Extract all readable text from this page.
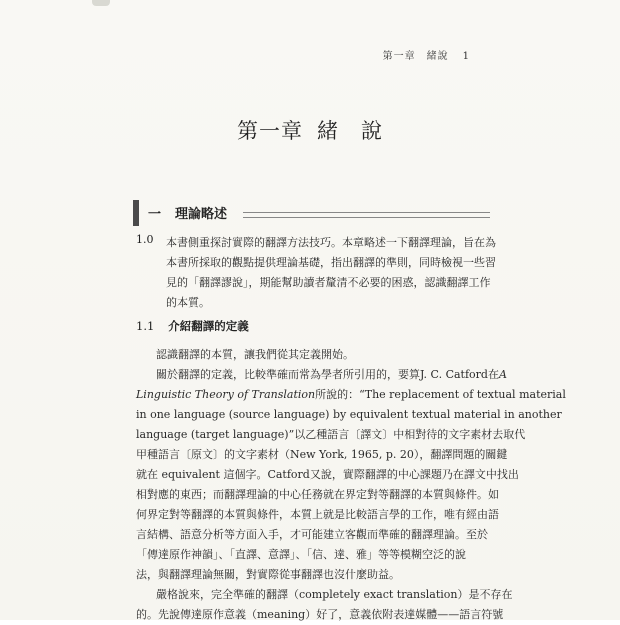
第一章　緒說 1
第一章 緒　說
一 理論略述
1.0 本書側重探討實際的翻譯方法技巧。本章略述一下翻譯理論，旨在為
本書所採取的觀點提供理論基礎，指出翻譯的準則，同時檢視一些習
見的「翻譯謬說」，期能幫助讀者釐清不必要的困惑，認識翻譯工作
的本質。
1.1 介紹翻譯的定義
認識翻譯的本質，讓我們從其定義開始。
關於翻譯的定義，比較準確而常為學者所引用的，要算J. C. Catford在A
Linguistic Theory of Translation所說的：“The replacement of textual material
in one language (source language) by equivalent textual material in another
language (target language)”以乙種語言〔譯文〕中相對待的文字素材去取代
甲種語言〔原文〕的文字素材（New York, 1965, p. 20），翻譯問題的關鍵
就在 equivalent 這個字。Catford又說，實際翻譯的中心課題乃在譯文中找出
相對應的東西；而翻譯理論的中心任務就在界定對等翻譯的本質與條件。如
何界定對等翻譯的本質與條件，本質上就是比較語言學的工作，唯有經由語
言結構、語意分析等方面入手，才可能建立客觀而準確的翻譯理論。至於
「傳達原作神韻」、「直譯、意譯」、「信、達、雅」等等模糊空泛的說
法，與翻譯理論無關，對實際從事翻譯也沒什麼助益。
嚴格說來，完全準確的翻譯（completely exact translation）是不存在
的。先說傳達原作意義（meaning）好了，意義依附表達媒體——語言符號
